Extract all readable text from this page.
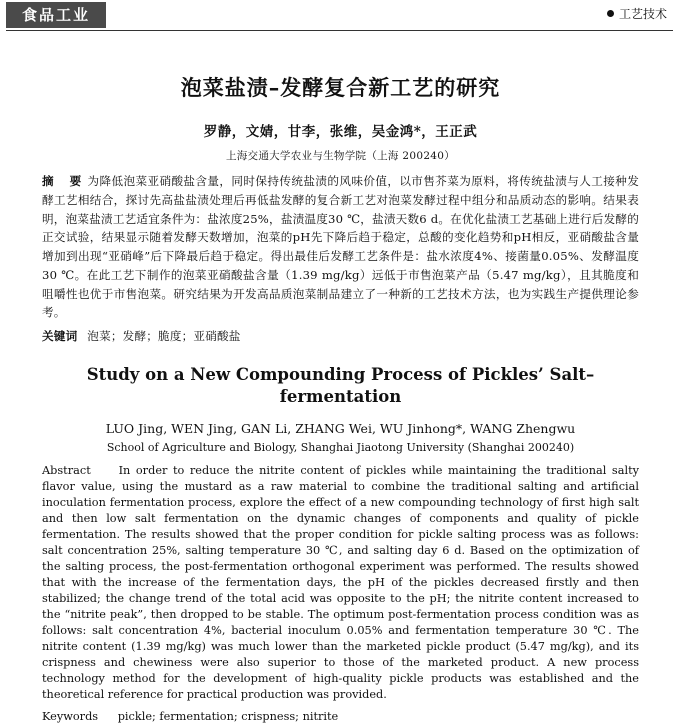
食品工业	工艺技术
泡菜盐渍–发酵复合新工艺的研究
罗静，文婧，甘李，张维，吴金鸿*，王正武
上海交通大学农业与生物学院（上海 200240）
摘　要 为降低泡菜亚硝酸盐含量，同时保持传统盐渍的风味价值，以市售芥菜为原料，将传统盐渍与人工接种发酵工艺相结合，探讨先高盐盐渍处理后再低盐发酵的复合新工艺对泡菜发酵过程中组分和品质动态的影响。结果表明，泡菜盐渍工艺适宜条件为：盐浓度25%，盐渍温度30 ℃，盐渍天数6 d。在优化盐渍工艺基础上进行后发酵的正交试验，结果显示随着发酵天数增加，泡菜的pH先下降后趋于稳定，总酸的变化趋势和pH相反，亚硝酸盐含量增加到出现“亚硝峰”后下降最后趋于稳定。得出最佳后发酵工艺条件是：盐水浓度4%、接菌量0.05%、发酵温度30 ℃。在此工艺下制作的泡菜亚硝酸盐含量（1.39 mg/kg）远低于市售泡菜产品（5.47 mg/kg），且其脆度和咀嚼性也优于市售泡菜。研究结果为开发高品质泡菜制品建立了一种新的工艺技术方法，也为实践生产提供理论参考。
关键词 泡菜；发酵；脆度；亚硝酸盐
Study on a New Compounding Process of Pickles’ Salt–fermentation
LUO Jing, WEN Jing, GAN Li, ZHANG Wei, WU Jinhong*, WANG Zhengwu
School of Agriculture and Biology, Shanghai Jiaotong University (Shanghai 200240)
Abstract In order to reduce the nitrite content of pickles while maintaining the traditional salty flavor value, using the mustard as a raw material to combine the traditional salting and artificial inoculation fermentation process, explore the effect of a new compounding technology of first high salt and then low salt fermentation on the dynamic changes of components and quality of pickle fermentation. The results showed that the proper condition for pickle salting process was as follows: salt concentration 25%, salting temperature 30 ℃, and salting day 6 d. Based on the optimization of the salting process, the post-fermentation orthogonal experiment was performed. The results showed that with the increase of the fermentation days, the pH of the pickles decreased firstly and then stabilized; the change trend of the total acid was opposite to the pH; the nitrite content increased to the “nitrite peak”, then dropped to be stable. The optimum post-fermentation process condition was as follows: salt concentration 4%, bacterial inoculum 0.05% and fermentation temperature 30 ℃. The nitrite content (1.39 mg/kg) was much lower than the marketed pickle product (5.47 mg/kg), and its crispness and chewiness were also superior to those of the marketed product. A new process technology method for the development of high-quality pickle products was established and the theoretical reference for practical production was provided.
Keywords pickle; fermentation; crispness; nitrite
